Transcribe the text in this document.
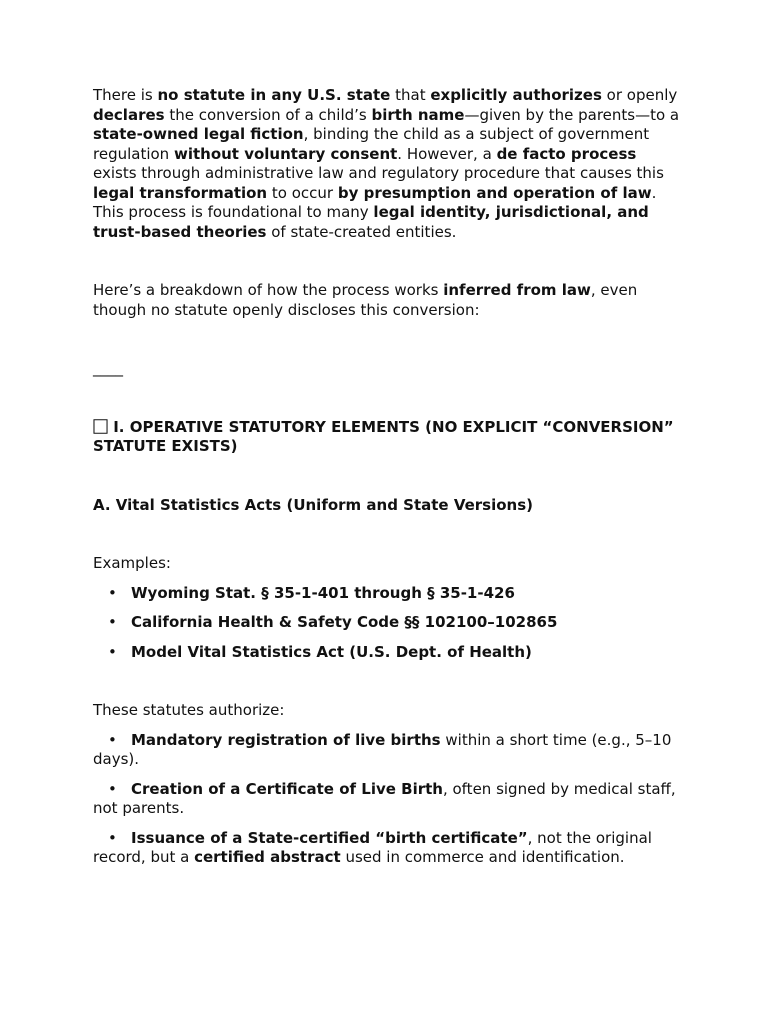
There is no statute in any U.S. state that explicitly authorizes or openly declares the conversion of a child’s birth name—given by the parents—to a state-owned legal fiction, binding the child as a subject of government regulation without voluntary consent. However, a de facto process exists through administrative law and regulatory procedure that causes this legal transformation to occur by presumption and operation of law. This process is foundational to many legal identity, jurisdictional, and trust-based theories of state-created entities.

Here’s a breakdown of how the process works inferred from law, even though no statute openly discloses this conversion:

____

⃞ I. OPERATIVE STATUTORY ELEMENTS (NO EXPLICIT “CONVERSION” STATUTE EXISTS)

A. Vital Statistics Acts (Uniform and State Versions)

Examples:

• Wyoming Stat. § 35-1-401 through § 35-1-426
• California Health & Safety Code §§ 102100–102865
• Model Vital Statistics Act (U.S. Dept. of Health)

These statutes authorize:

• Mandatory registration of live births within a short time (e.g., 5–10 days).
• Creation of a Certificate of Live Birth, often signed by medical staff, not parents.
• Issuance of a State-certified “birth certificate”, not the original record, but a certified abstract used in commerce and identification.
